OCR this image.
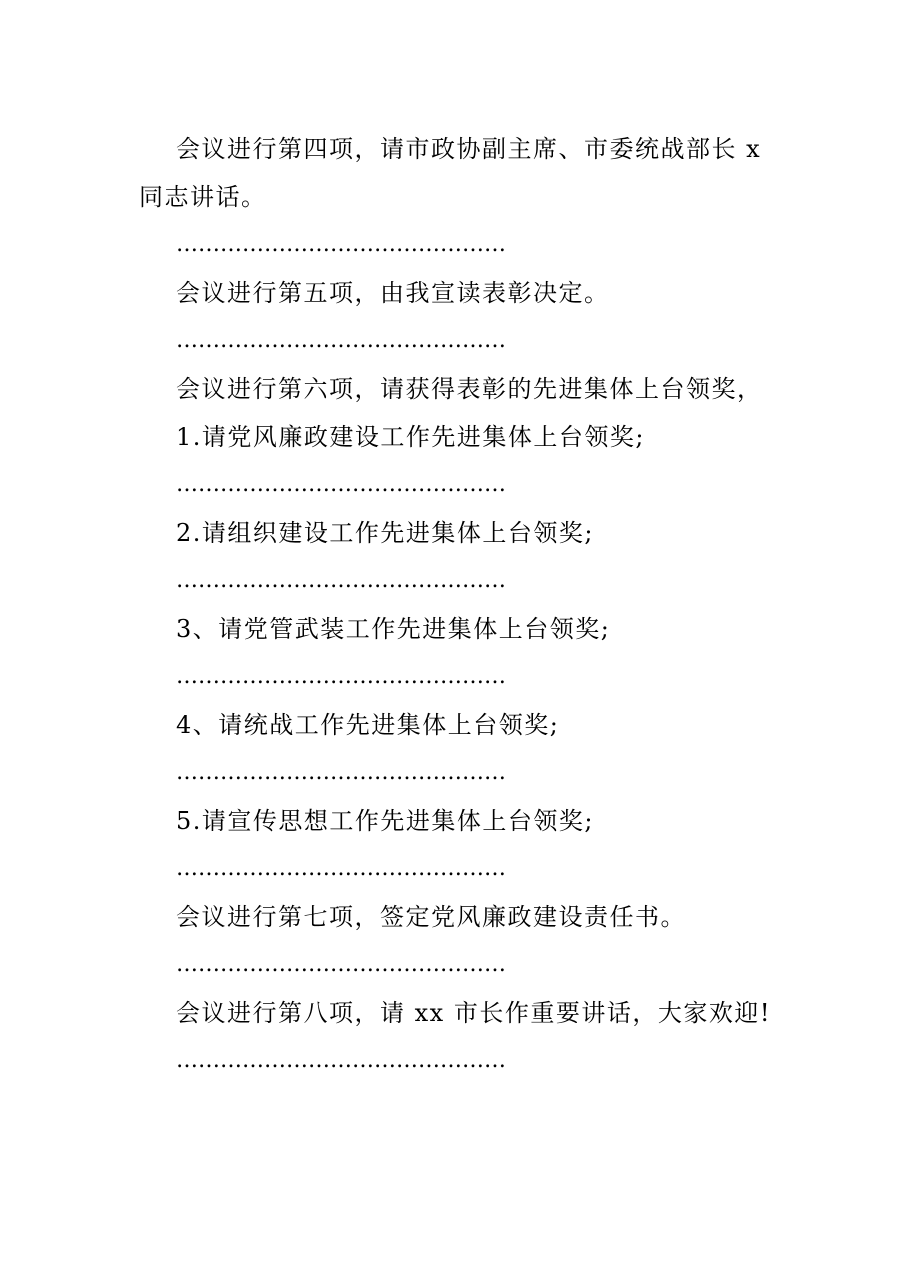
会议进行第四项，请市政协副主席、市委统战部长 x 同志讲话。

………………………………………
会议进行第五项，由我宣读表彰决定。
………………………………………
会议进行第六项，请获得表彰的先进集体上台领奖，
1.请党风廉政建设工作先进集体上台领奖;
………………………………………
2.请组织建设工作先进集体上台领奖;
………………………………………
3、请党管武装工作先进集体上台领奖;
………………………………………
4、请统战工作先进集体上台领奖;
………………………………………
5.请宣传思想工作先进集体上台领奖;
………………………………………
会议进行第七项，签定党风廉政建设责任书。
………………………………………
会议进行第八项，请 xx 市长作重要讲话，大家欢迎!
………………………………………
